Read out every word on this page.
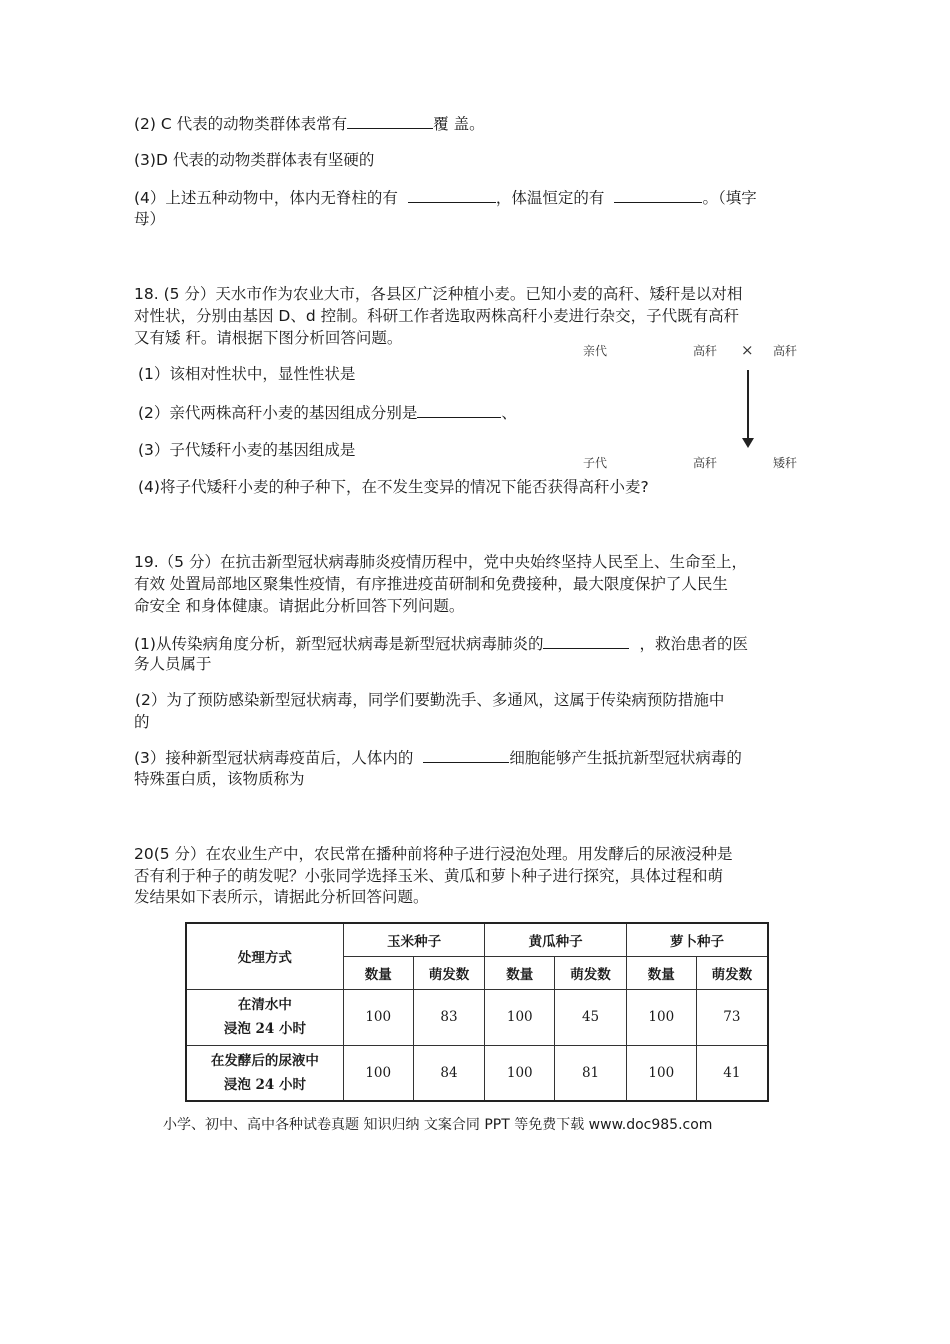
(2) C 代表的动物类群体表常有	覆 盖。
(3)D 代表的动物类群体表有坚硬的
(4）上述五种动物中，体内无脊柱的有	，体温恒定的有	。（填字
母）
18. (5 分）天水市作为农业大市，各县区广泛种植小麦。已知小麦的高秆、矮秆是以对相
对性状，分别由基因 D、d 控制。科研工作者选取两株高秆小麦进行杂交，子代既有高秆
又有矮 秆。请根据下图分析回答问题。
(1）该相对性状中，显性性状是
(2）亲代两株高秆小麦的基因组成分别是	、
(3）子代矮秆小麦的基因组成是
(4)将子代矮秆小麦的种子种下，在不发生变异的情况下能否获得高秆小麦?
亲代	高秆 × 高秆
子代	高秆	矮秆
19.（5 分）在抗击新型冠状病毒肺炎疫情历程中，党中央始终坚持人民至上、生命至上，
有效 处置局部地区聚集性疫情，有序推进疫苗研制和免费接种，最大限度保护了人民生
命安全 和身体健康。请据此分析回答下列问题。
(1)从传染病角度分析，新型冠状病毒是新型冠状病毒肺炎的	，救治患者的医
务人员属于
(2）为了预防感染新型冠状病毒，同学们要勤洗手、多通风，这属于传染病预防措施中
的
(3）接种新型冠状病毒疫苗后，人体内的	细胞能够产生抵抗新型冠状病毒的
特殊蛋白质，该物质称为
20(5 分）在农业生产中，农民常在播种前将种子进行浸泡处理。用发酵后的尿液浸种是
否有利于种子的萌发呢？小张同学选择玉米、黄瓜和萝卜种子进行探究，具体过程和萌
发结果如下表所示，请据此分析回答问题。
处理方式	玉米种子		黄瓜种子		萝卜种子	
	数量	萌发数	数量	萌发数	数量	萌发数
在清水中
浸泡 24 小时	100	83	100	45	100	73
在发酵后的尿液中
浸泡 24 小时	100	84	100	81	100	41
小学、初中、高中各种试卷真题 知识归纳 文案合同 PPT 等免费下载 www.doc985.com
